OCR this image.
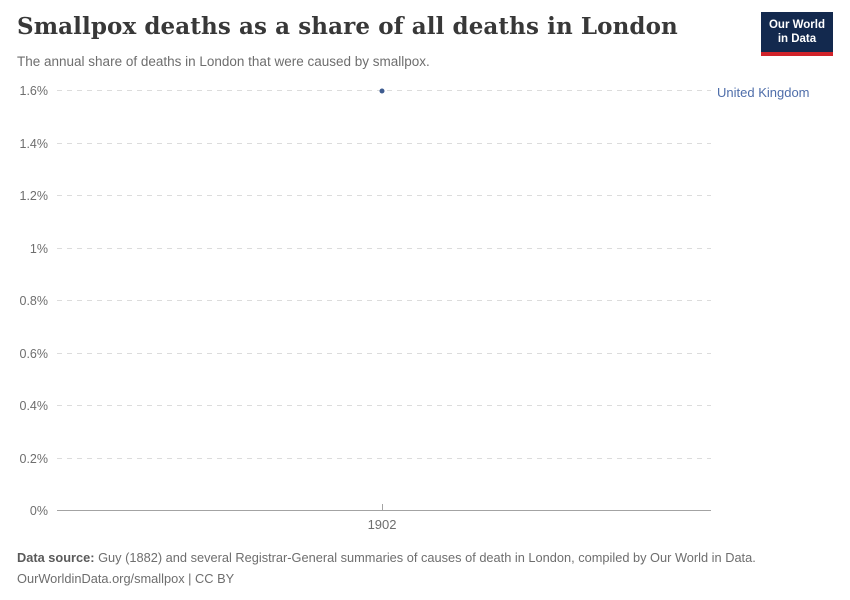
Smallpox deaths as a share of all deaths in London

The annual share of deaths in London that were caused by smallpox.

Our World
in Data
1902
United Kingdom
0%
0.2%
0.4%
0.6%
0.8%
1%
1.2%
1.4%
1.6%

Data source: Guy (1882) and several Registrar-General summaries of causes of death in London, compiled by Our World in Data.

OurWorldinData.org/smallpox | CC BY
